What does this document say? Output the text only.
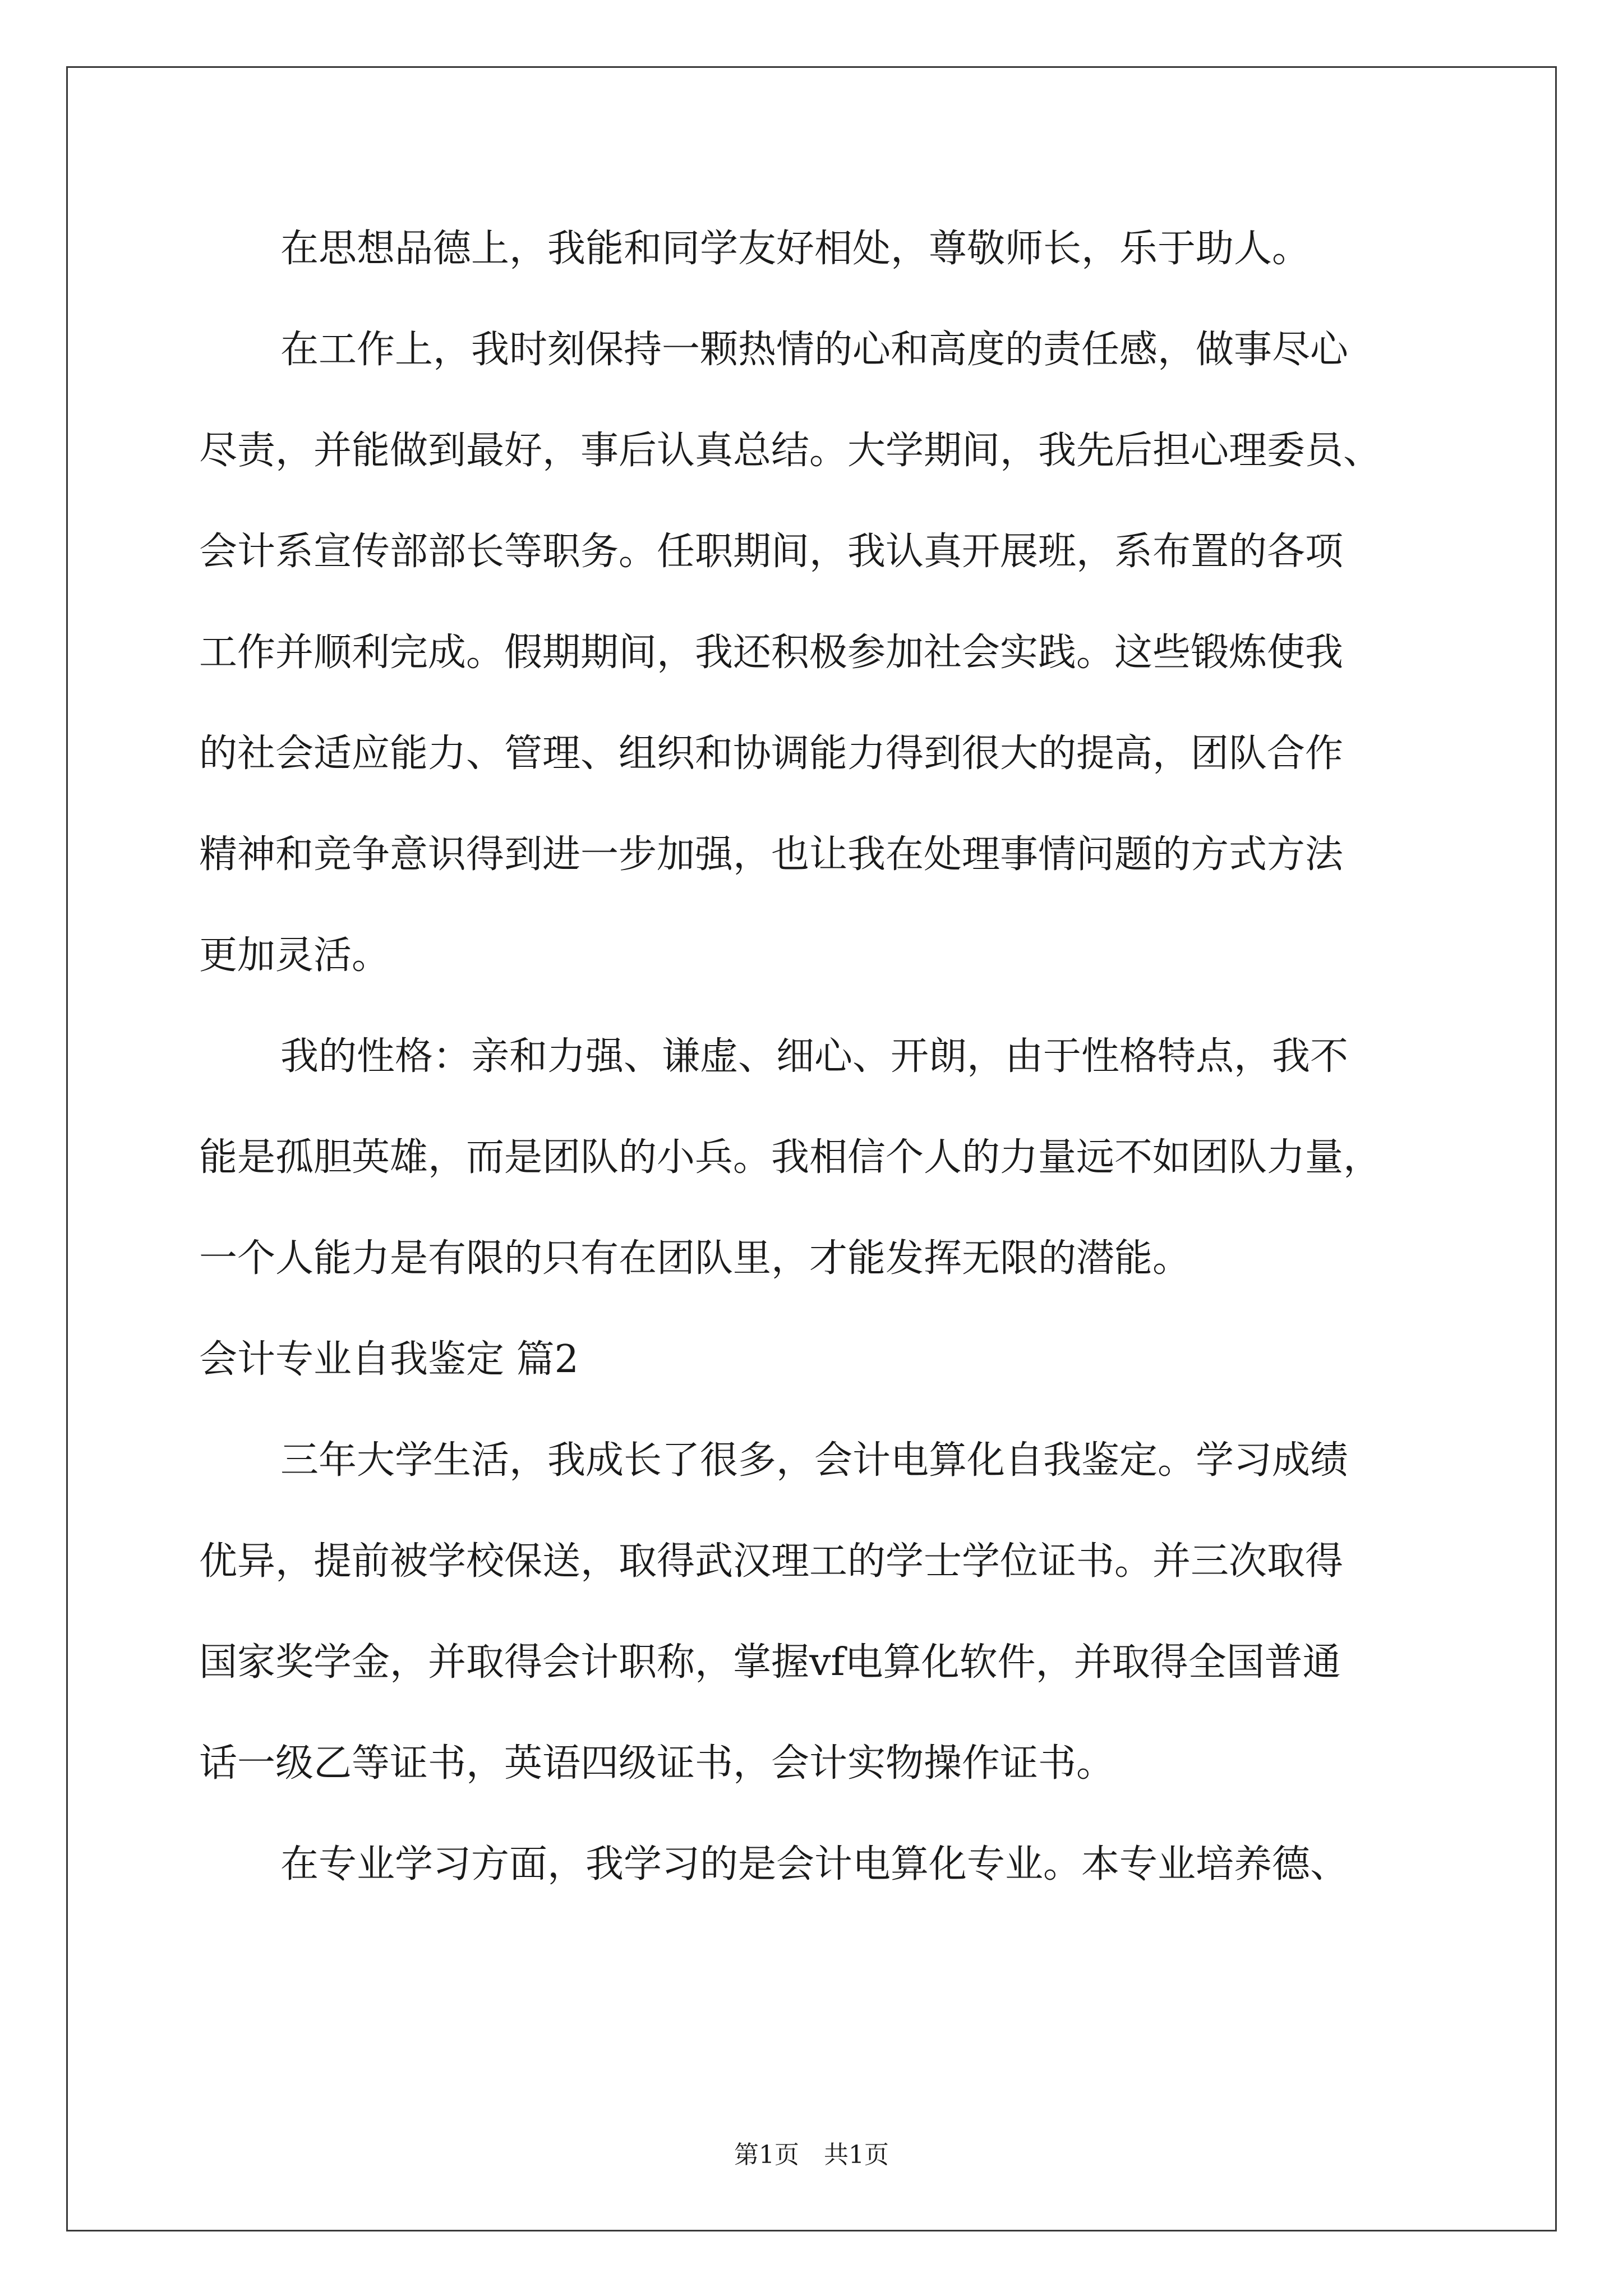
在思想品德上，我能和同学友好相处，尊敬师长，乐于助人。
在工作上，我时刻保持一颗热情的心和高度的责任感，做事尽心
尽责，并能做到最好，事后认真总结。大学期间，我先后担心理委员、
会计系宣传部部长等职务。任职期间，我认真开展班，系布置的各项
工作并顺利完成。假期期间，我还积极参加社会实践。这些锻炼使我
的社会适应能力、管理、组织和协调能力得到很大的提高，团队合作
精神和竞争意识得到进一步加强，也让我在处理事情问题的方式方法
更加灵活。
我的性格：亲和力强、谦虚、细心、开朗，由于性格特点，我不
能是孤胆英雄，而是团队的小兵。我相信个人的力量远不如团队力量，
一个人能力是有限的只有在团队里，才能发挥无限的潜能。
会计专业自我鉴定 篇2
三年大学生活，我成长了很多，会计电算化自我鉴定。学习成绩
优异，提前被学校保送，取得武汉理工的学士学位证书。并三次取得
国家奖学金，并取得会计职称，掌握vf电算化软件，并取得全国普通
话一级乙等证书，英语四级证书，会计实物操作证书。
在专业学习方面，我学习的是会计电算化专业。本专业培养德、
第1页　共1页
